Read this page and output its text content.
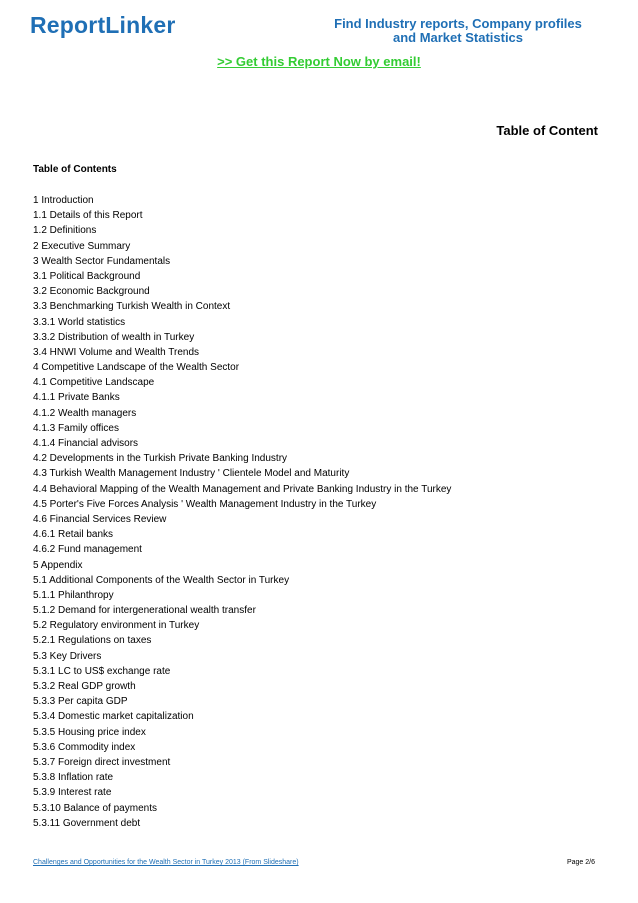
ReportLinker	Find Industry reports, Company profiles
and Market Statistics
>> Get this Report Now by email!
Table of Content
Table of Contents
1 Introduction
1.1 Details of this Report
1.2 Definitions
2 Executive Summary
3 Wealth Sector Fundamentals
3.1 Political Background
3.2 Economic Background
3.3 Benchmarking Turkish Wealth in Context
3.3.1 World statistics
3.3.2 Distribution of wealth in Turkey
3.4 HNWI Volume and Wealth Trends
4 Competitive Landscape of the Wealth Sector
4.1 Competitive Landscape
4.1.1 Private Banks
4.1.2 Wealth managers
4.1.3 Family offices
4.1.4 Financial advisors
4.2 Developments in the Turkish Private Banking Industry
4.3 Turkish Wealth Management Industry ' Clientele Model and Maturity
4.4 Behavioral Mapping of the Wealth Management and Private Banking Industry in the Turkey
4.5 Porter's Five Forces Analysis ' Wealth Management Industry in the Turkey
4.6 Financial Services Review
4.6.1 Retail banks
4.6.2 Fund management
5 Appendix
5.1 Additional Components of the Wealth Sector in Turkey
5.1.1 Philanthropy
5.1.2 Demand for intergenerational wealth transfer
5.2 Regulatory environment in Turkey
5.2.1 Regulations on taxes
5.3 Key Drivers
5.3.1 LC to US$ exchange rate
5.3.2 Real GDP growth
5.3.3 Per capita GDP
5.3.4 Domestic market capitalization
5.3.5 Housing price index
5.3.6 Commodity index
5.3.7 Foreign direct investment
5.3.8 Inflation rate
5.3.9 Interest rate
5.3.10 Balance of payments
5.3.11 Government debt
Challenges and Opportunities for the Wealth Sector in Turkey 2013 (From Slideshare)	Page 2/6
